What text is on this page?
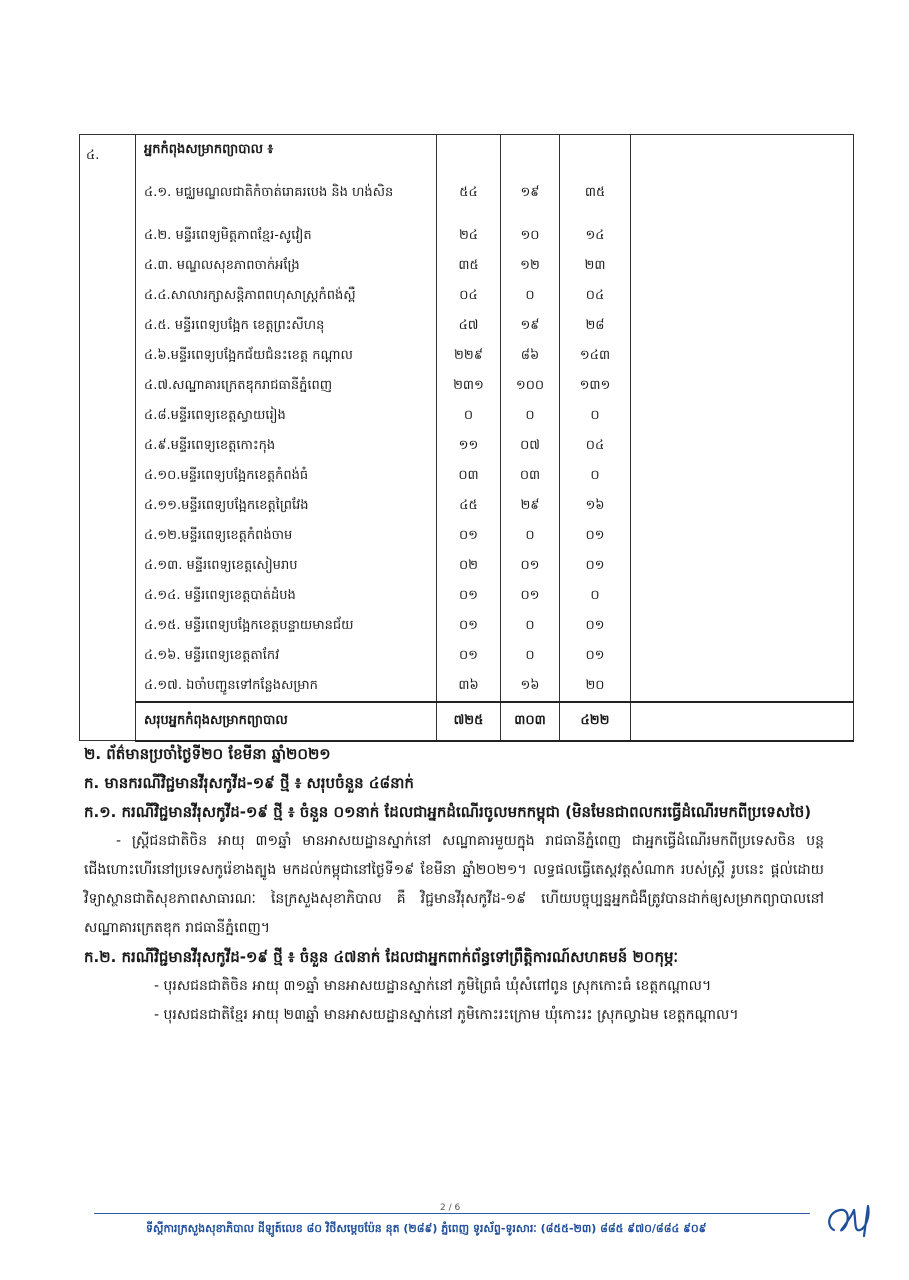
៤.	អ្នកកំពុងសម្រាកព្យាបាល ៖				
	៤.១. មជ្ឈមណ្ឌលជាតិកំចាត់រោគរបេង និង ហង់សិន	៥៤	១៩	៣៥	
	៤.២. មន្ទីរពេទ្យមិត្តភាពខ្មែរ-សូវៀត	២៤	១០	១៤	
	៤.៣. មណ្ឌលសុខភាពចាក់អង្រែ	៣៥	១២	២៣	
	៤.៤.សាលារក្សាសន្តិភាពពហុសាស្ត្រកំពង់ស្ពឺ	០៤	០	០៤	
	៤.៥. មន្ទីរពេទ្យបង្អែក ខេត្តព្រះសីហនុ	៤៧	១៩	២៨	
	៤.៦.មន្ទីរពេទ្យបង្អែកជ័យជំនះខេត្ត កណ្តាល	២២៩	៨៦	១៤៣	
	៤.៧.សណ្ឋាគារក្រេតឌុករាជធានីភ្នំពេញ	២៣១	១០០	១៣១	
	៤.៨.មន្ទីរពេទ្យខេត្តស្វាយរៀង	០	០	០	
	៤.៩.មន្ទីរពេទ្យខេត្តកោះកុង	១១	០៧	០៤	
	៤.១០.មន្ទីរពេទ្យបង្អែកខេត្តកំពង់ធំ	០៣	០៣	០	
	៤.១១.មន្ទីរពេទ្យបង្អែកខេត្តព្រៃវែង	៤៥	២៩	១៦	
	៤.១២.មន្ទីរពេទ្យខេត្តកំពង់ចាម	០១	០	០១	
	៤.១៣. មន្ទីរពេទ្យខេត្តសៀមរាប	០២	០១	០១	
	៤.១៤. មន្ទីរពេទ្យខេត្តបាត់ដំបង	០១	០១	០	
	៤.១៥. មន្ទីរពេទ្យបង្អែកខេត្តបន្ទាយមានជ័យ	០១	០	០១	
	៤.១៦. មន្ទីរពេទ្យខេត្តតាកែវ	០១	០	០១	
	៤.១៧. ឯចាំបញ្ជូនទៅកន្លែងសម្រាក	៣៦	១៦	២០	
	សរុបអ្នកកំពុងសម្រាកព្យាបាល	៧២៥	៣០៣	៤២២	
២. ព័ត៌មានប្រចាំថ្ងៃទី២០ ខែមីនា ឆ្នាំ២០២១
ក. មានករណីវិជ្ជមានវីរុសកូវីដ-១៩ ថ្មី ៖ សរុបចំនួន ៤៨នាក់
ក.១. ករណីវិជ្ជមានវីរុសកូវីដ-១៩ ថ្មី ៖ ចំនួន ០១នាក់ ដែលជាអ្នកដំណើរចូលមកកម្ពុជា (មិនមែនជាពលករធ្វើដំណើរមកពីប្រទេសថៃ)
- ស្ត្រីជនជាតិចិន អាយុ ៣១ឆ្នាំ មានអាសយដ្ឋានស្នាក់នៅ សណ្ឋាគារមួយក្នុង រាជធានីភ្នំពេញ ជាអ្នកធ្វើដំណើរមកពីប្រទេសចិន បន្តជើងហោះហើរនៅប្រទេសកូរ៉េខាងត្បូង មកដល់កម្ពុជានៅថ្ងៃទី១៩ ខែមីនា ឆ្នាំ២០២១។ លទ្ធផលធ្វើតេស្តវត្តសំណាក របស់ស្ត្រី រូបនេះ ផ្តល់ដោយវិទ្យាស្ថានជាតិសុខភាពសាធារណៈ នៃក្រសួងសុខាភិបាល គឺ វិជ្ជមានវីរុសកូវីដ-១៩ ហើយបច្ចុប្បន្នអ្នកជំងឺត្រូវបានដាក់ឲ្យសម្រាកព្យាបាលនៅ សណ្ឋាគារក្រេតឌុក រាជធានីភ្នំពេញ។
ក.២. ករណីវិជ្ជមានវីរុសកូវីដ-១៩ ថ្មី ៖ ចំនួន ៤៧នាក់ ដែលជាអ្នកពាក់ព័ន្ធទៅព្រឹត្តិការណ៍សហគមន៍ ២០កុម្ភៈ
- បុរសជនជាតិចិន អាយុ ៣១ឆ្នាំ មានអាសយដ្ឋានស្នាក់នៅ ភូមិព្រៃធំ ឃុំសំពៅពូន ស្រុកកោះធំ ខេត្តកណ្តាល។
- បុរសជនជាតិខ្មែរ អាយុ ២៣ឆ្នាំ មានអាសយដ្ឋានស្នាក់នៅ ភូមិកោះរះក្រោម ឃុំកោះរះ ស្រុកល្វាឯម ខេត្តកណ្តាល។
2 / 6
ទីស្តីការក្រសួងសុខាភិបាល ដីឡូត៍លេខ ៨០ វិថីសម្តេចប៉ែន នុត (២៨៩) ភ្នំពេញ ទូរស័ព្ទ-ទូរសារៈ (៨៥៥-២៣) ៨៨៥ ៩៧០/៨៨៤ ៩០៩
